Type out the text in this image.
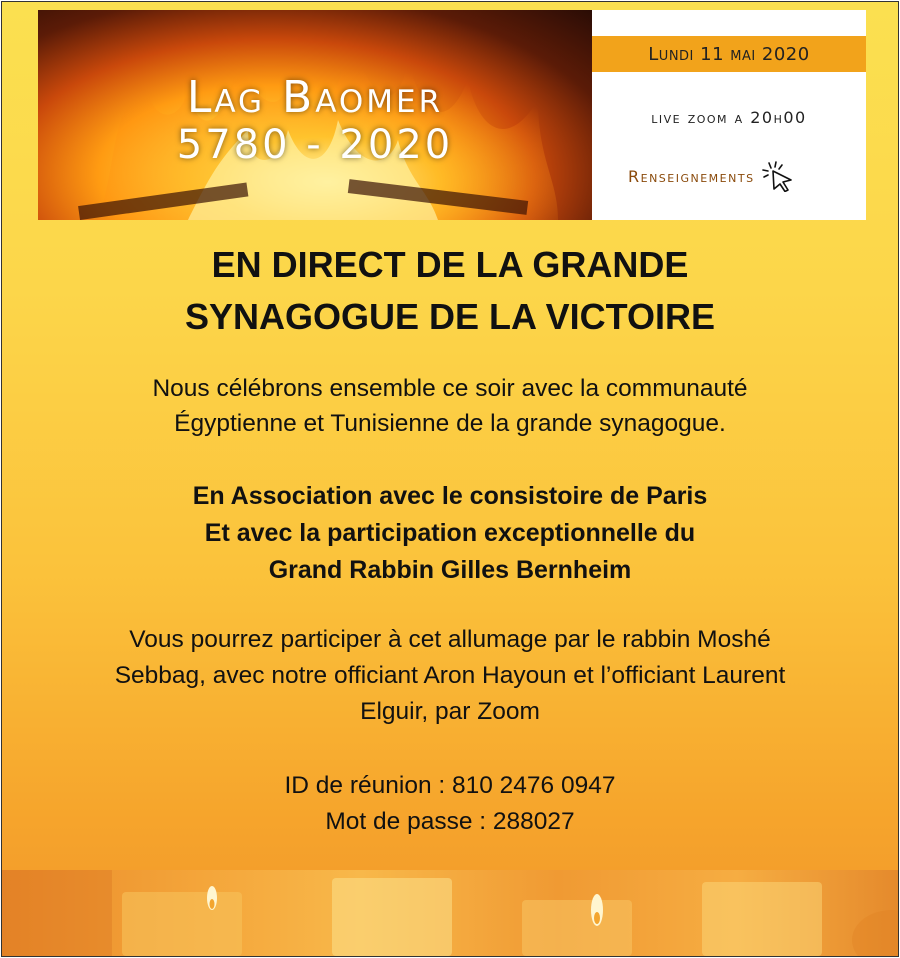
Lag Baomer
5780 - 2020
Lundi 11 mai 2020
live zoom a 20h00
Renseignements
EN DIRECT DE LA GRANDE
SYNAGOGUE DE LA VICTOIRE
Nous célébrons ensemble ce soir avec la communauté
Égyptienne et Tunisienne de la grande synagogue.
En Association avec le consistoire de Paris
Et avec la participation exceptionnelle du
Grand Rabbin Gilles Bernheim
Vous pourrez participer à cet allumage par le rabbin Moshé
Sebbag, avec notre officiant Aron Hayoun et l’officiant Laurent
Elguir, par Zoom
ID de réunion : 810 2476 0947
Mot de passe : 288027
